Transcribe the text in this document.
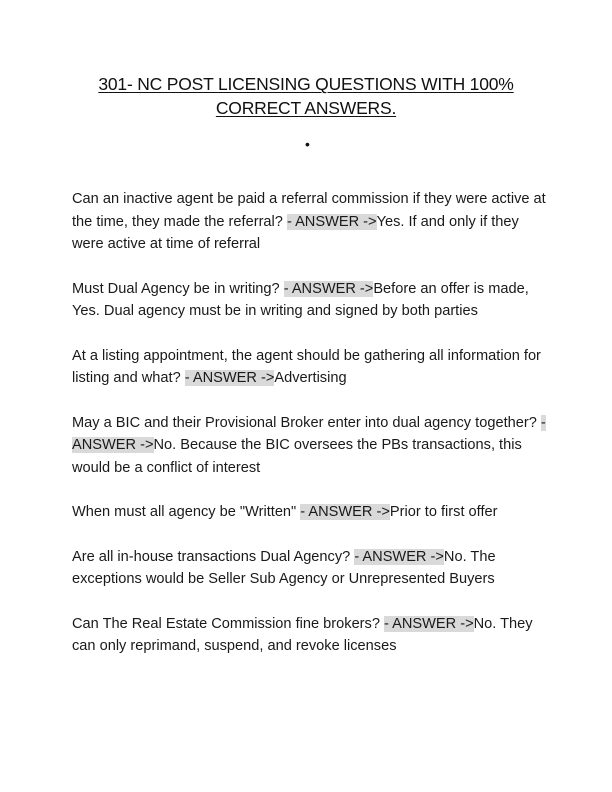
301- NC POST LICENSING QUESTIONS WITH 100% CORRECT ANSWERS.
•

Can an inactive agent be paid a referral commission if they were active at the time, they made the referral? - ANSWER ->Yes. If and only if they were active at time of referral

Must Dual Agency be in writing? - ANSWER ->Before an offer is made, Yes. Dual agency must be in writing and signed by both parties

At a listing appointment, the agent should be gathering all information for listing and what? - ANSWER ->Advertising

May a BIC and their Provisional Broker enter into dual agency together? - ANSWER ->No. Because the BIC oversees the PBs transactions, this would be a conflict of interest

When must all agency be "Written" - ANSWER ->Prior to first offer

Are all in-house transactions Dual Agency? - ANSWER ->No. The exceptions would be Seller Sub Agency or Unrepresented Buyers

Can The Real Estate Commission fine brokers? - ANSWER ->No. They can only reprimand, suspend, and revoke licenses
